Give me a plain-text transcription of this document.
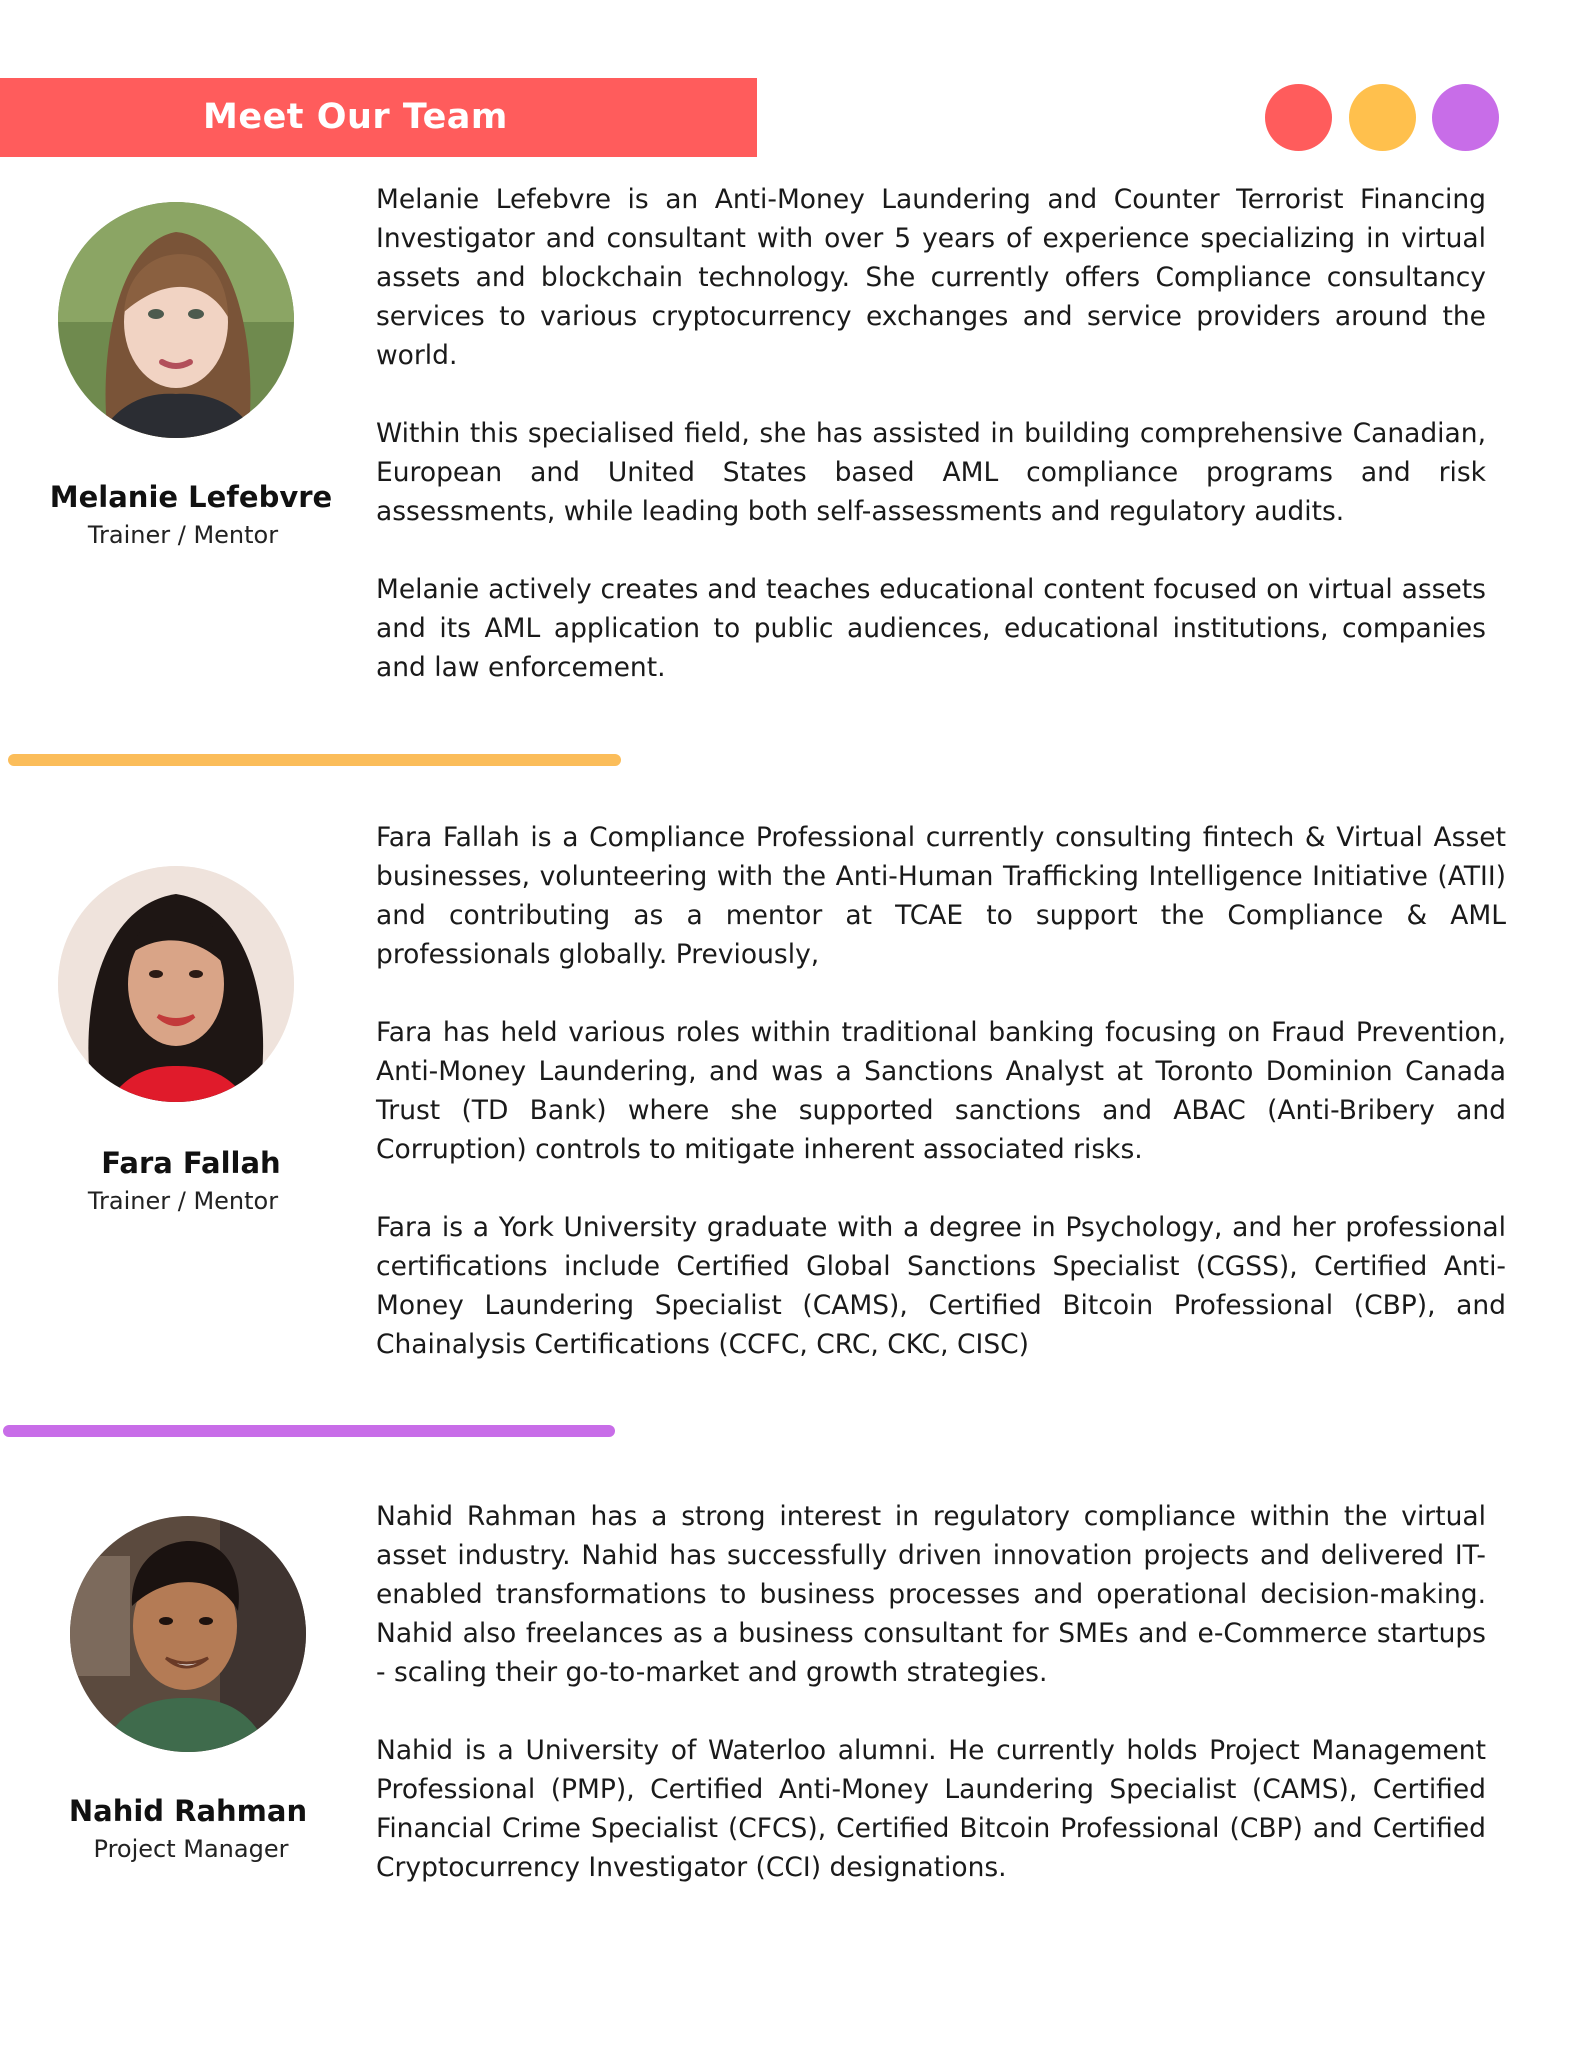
Meet Our Team
Melanie Lefebvre
Trainer / Mentor

Melanie Lefebvre is an Anti-Money Laundering and Counter Terrorist Financing Investigator and consultant with over 5 years of experience specializing in virtual assets and blockchain technology. She currently offers Compliance consultancy services to various cryptocurrency exchanges and service providers around the world.

Within this specialised field, she has assisted in building comprehensive Canadian, European and United States based AML compliance programs and risk assessments, while leading both self-assessments and regulatory audits.

Melanie actively creates and teaches educational content focused on virtual assets and its AML application to public audiences, educational institutions, companies and law enforcement.

Fara Fallah
Trainer / Mentor

Fara Fallah is a Compliance Professional currently consulting fintech & Virtual Asset businesses, volunteering with the Anti-Human Trafficking Intelligence Initiative (ATII) and contributing as a mentor at TCAE to support the Compliance & AML professionals globally. Previously,

Fara has held various roles within traditional banking focusing on Fraud Prevention, Anti-Money Laundering, and was a Sanctions Analyst at Toronto Dominion Canada Trust (TD Bank) where she supported sanctions and ABAC (Anti-Bribery and Corruption) controls to mitigate inherent associated risks.

Fara is a York University graduate with a degree in Psychology, and her professional certifications include Certified Global Sanctions Specialist (CGSS), Certified Anti-Money Laundering Specialist (CAMS), Certified Bitcoin Professional (CBP), and Chainalysis Certifications (CCFC, CRC, CKC, CISC)

Nahid Rahman
Project Manager

Nahid Rahman has a strong interest in regulatory compliance within the virtual asset industry. Nahid has successfully driven innovation projects and delivered IT-enabled transformations to business processes and operational decision-making. Nahid also freelances as a business consultant for SMEs and e-Commerce startups - scaling their go-to-market and growth strategies.

Nahid is a University of Waterloo alumni. He currently holds Project Management Professional (PMP), Certified Anti-Money Laundering Specialist (CAMS), Certified Financial Crime Specialist (CFCS), Certified Bitcoin Professional (CBP) and Certified Cryptocurrency Investigator (CCI) designations.
